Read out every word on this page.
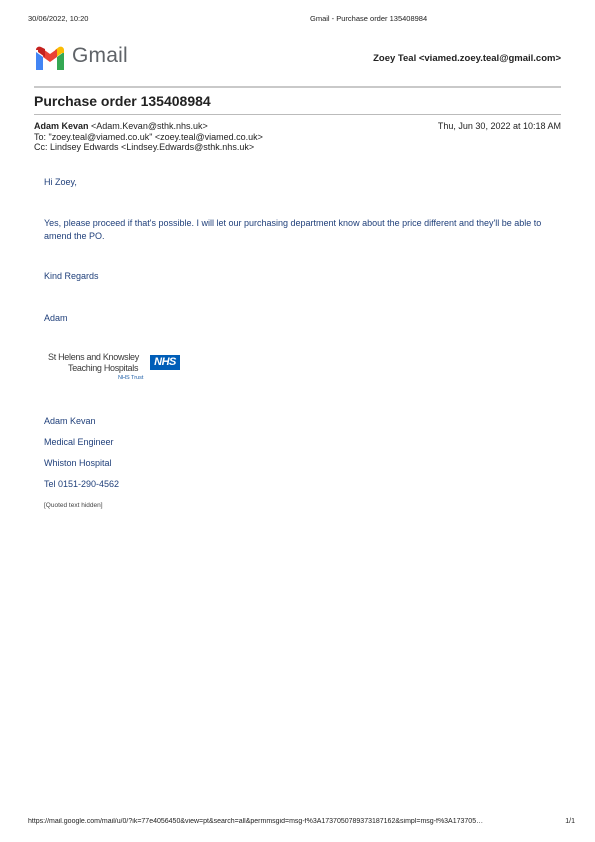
30/06/2022, 10:20	Gmail - Purchase order 135408984
Gmail	Zoey Teal <viamed.zoey.teal@gmail.com>
Purchase order 135408984
Adam Kevan <Adam.Kevan@sthk.nhs.uk>
To: "zoey.teal@viamed.co.uk" <zoey.teal@viamed.co.uk>
Cc: Lindsey Edwards <Lindsey.Edwards@sthk.nhs.uk>
Thu, Jun 30, 2022 at 10:18 AM

Hi Zoey,

Yes, please proceed if that's possible. I will let our purchasing department know about the price different and they'll be able to amend the PO.

Kind Regards

Adam

St Helens and Knowsley
Teaching Hospitals
NHS Trust
NHS
Adam Kevan
Medical Engineer
Whiston Hospital
Tel 0151-290-4562
[Quoted text hidden]
https://mail.google.com/mail/u/0/?ik=77e4056450&view=pt&search=all&permmsgid=msg-f%3A1737050789373187162&simpl=msg-f%3A173705…	1/1
